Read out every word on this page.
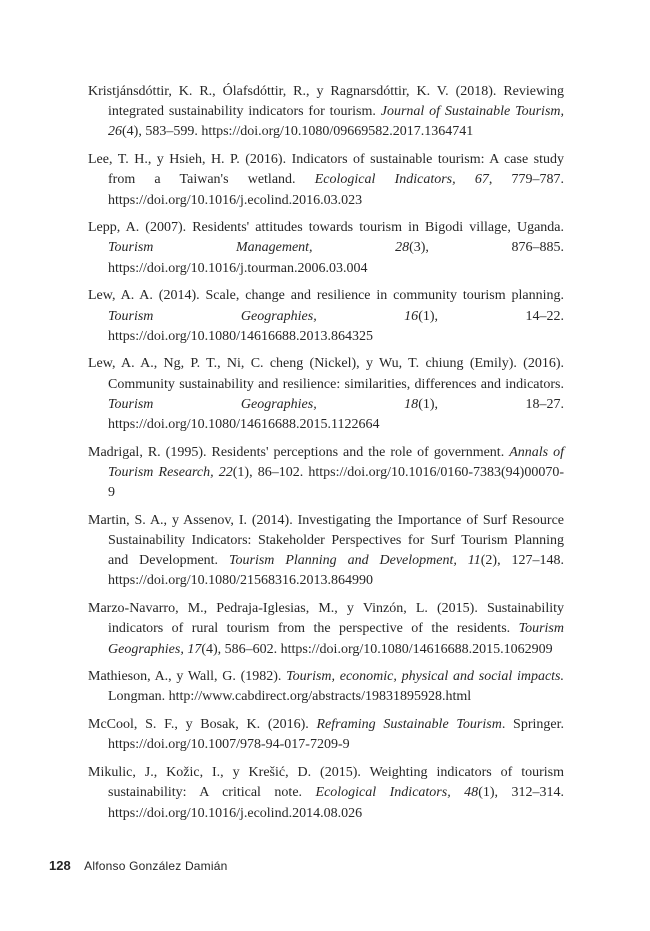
Kristjánsdóttir, K. R., Ólafsdóttir, R., y Ragnarsdóttir, K. V. (2018). Reviewing integrated sustainability indicators for tourism. Journal of Sustainable Tourism, 26(4), 583–599. https://doi.org/10.1080/09669582.2017.1364741

Lee, T. H., y Hsieh, H. P. (2016). Indicators of sustainable tourism: A case study from a Taiwan's wetland. Ecological Indicators, 67, 779–787. https://doi.org/10.1016/j.ecolind.2016.03.023

Lepp, A. (2007). Residents' attitudes towards tourism in Bigodi village, Uganda. Tourism Management, 28(3), 876–885. https://doi.org/10.1016/j.tourman.2006.03.004

Lew, A. A. (2014). Scale, change and resilience in community tourism planning. Tourism Geographies, 16(1), 14–22. https://doi.org/10.1080/14616688.2013.864325

Lew, A. A., Ng, P. T., Ni, C. cheng (Nickel), y Wu, T. chiung (Emily). (2016). Community sustainability and resilience: similarities, differences and indicators. Tourism Geographies, 18(1), 18–27. https://doi.org/10.1080/14616688.2015.1122664

Madrigal, R. (1995). Residents' perceptions and the role of government. Annals of Tourism Research, 22(1), 86–102. https://doi.org/10.1016/0160-7383(94)00070-9

Martin, S. A., y Assenov, I. (2014). Investigating the Importance of Surf Resource Sustainability Indicators: Stakeholder Perspectives for Surf Tourism Planning and Development. Tourism Planning and Development, 11(2), 127–148. https://doi.org/10.1080/21568316.2013.864990

Marzo-Navarro, M., Pedraja-Iglesias, M., y Vinzón, L. (2015). Sustainability indicators of rural tourism from the perspective of the residents. Tourism Geographies, 17(4), 586–602. https://doi.org/10.1080/14616688.2015.1062909

Mathieson, A., y Wall, G. (1982). Tourism, economic, physical and social impacts. Longman. http://www.cabdirect.org/abstracts/19831895928.html

McCool, S. F., y Bosak, K. (2016). Reframing Sustainable Tourism. Springer. https://doi.org/10.1007/978-94-017-7209-9

Mikulic, J., Kožic, I., y Krešić, D. (2015). Weighting indicators of tourism sustainability: A critical note. Ecological Indicators, 48(1), 312–314. https://doi.org/10.1016/j.ecolind.2014.08.026

128 Alfonso González Damián
